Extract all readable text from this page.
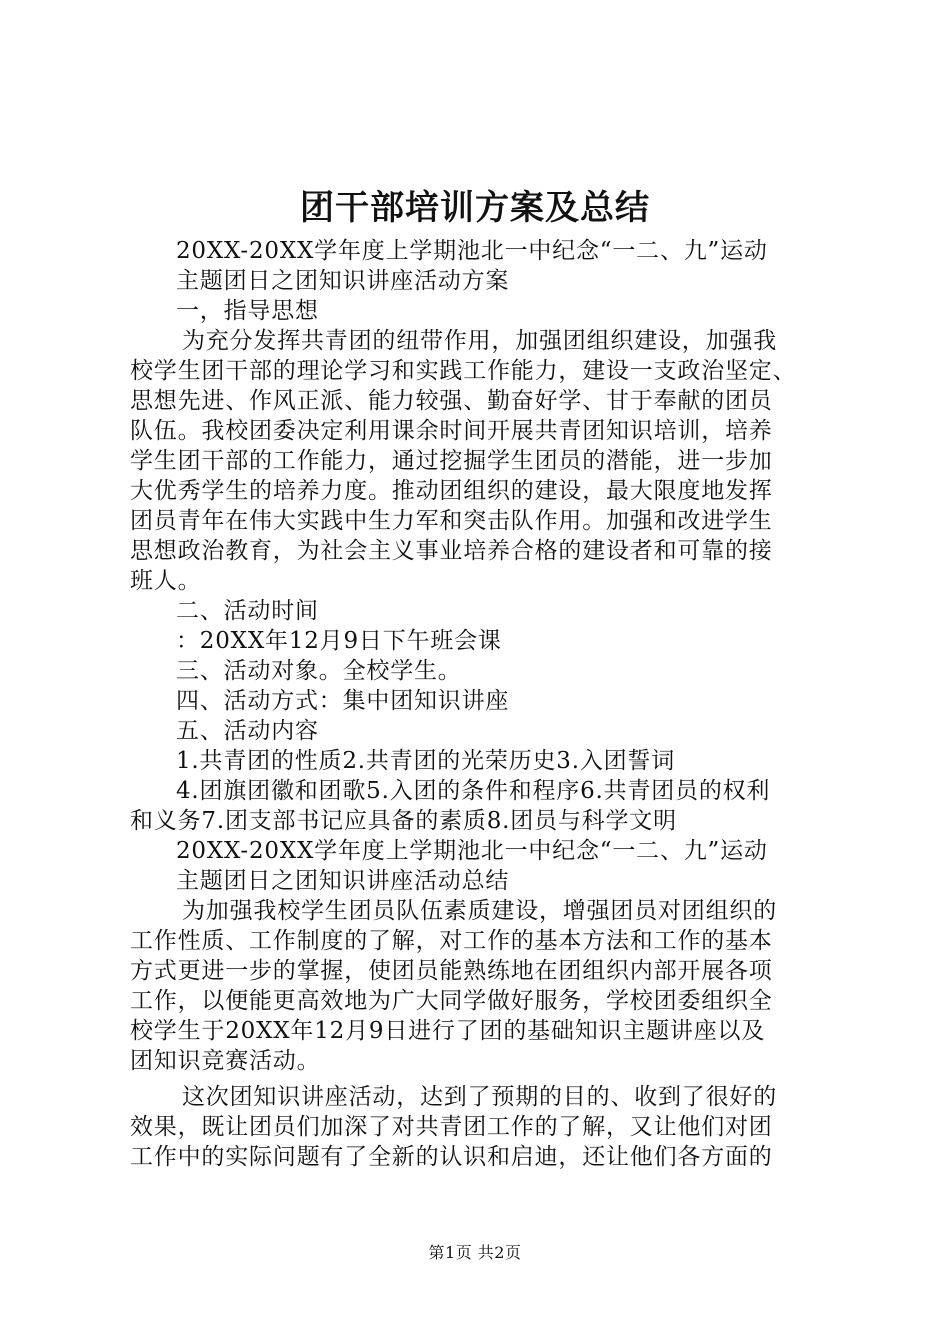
团干部培训方案及总结
20XX-20XX学年度上学期池北一中纪念“一二、九”运动
主题团日之团知识讲座活动方案
一，指导思想
为充分发挥共青团的纽带作用，加强团组织建设，加强我
校学生团干部的理论学习和实践工作能力，建设一支政治坚定、
思想先进、作风正派、能力较强、勤奋好学、甘于奉献的团员
队伍。我校团委决定利用课余时间开展共青团知识培训，培养
学生团干部的工作能力，通过挖掘学生团员的潜能，进一步加
大优秀学生的培养力度。推动团组织的建设，最大限度地发挥
团员青年在伟大实践中生力军和突击队作用。加强和改进学生
思想政治教育，为社会主义事业培养合格的建设者和可靠的接
班人。
二、活动时间
：20XX年12月9日下午班会课
三、活动对象。全校学生。
四、活动方式：集中团知识讲座
五、活动内容
1.共青团的性质2.共青团的光荣历史3.入团誓词
4.团旗团徽和团歌5.入团的条件和程序6.共青团员的权利
和义务7.团支部书记应具备的素质8.团员与科学文明
20XX-20XX学年度上学期池北一中纪念“一二、九”运动
主题团日之团知识讲座活动总结
为加强我校学生团员队伍素质建设，增强团员对团组织的
工作性质、工作制度的了解，对工作的基本方法和工作的基本
方式更进一步的掌握，使团员能熟练地在团组织内部开展各项
工作，以便能更高效地为广大同学做好服务，学校团委组织全
校学生于20XX年12月9日进行了团的基础知识主题讲座以及
团知识竞赛活动。
这次团知识讲座活动，达到了预期的目的、收到了很好的
效果，既让团员们加深了对共青团工作的了解，又让他们对团
工作中的实际问题有了全新的认识和启迪，还让他们各方面的
第1页 共2页
